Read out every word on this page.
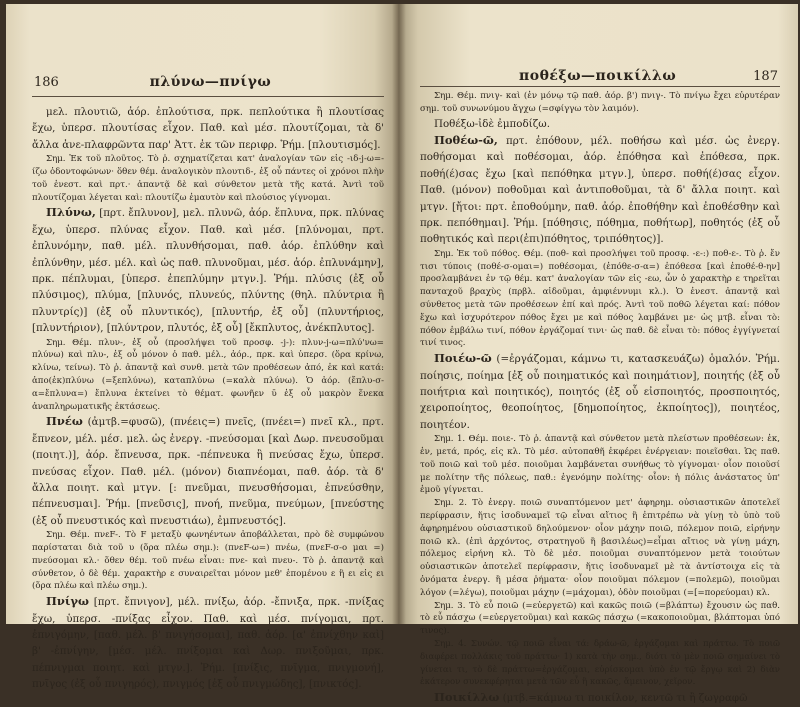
186	πλύνω—πνίγω

μελ. πλουτιῶ, ἀόρ. ἐπλούτισα, πρκ. πεπλούτικα ἢ πλουτίσας ἔχω, ὑπερσ. πλουτίσας εἶχον. Παθ. καὶ μέσ. πλουτίζομαι, τὰ δ' ἄλλα ἀνε-πλαφρῶντα παρ' Ἀττ. ἐκ τῶν περιφρ. Ῥήμ. [πλουτισμός].

Σημ. Ἐκ τοῦ πλοῦτος. Τὸ ῥ. σχηματίζεται κατ' ἀναλογίαν τῶν εἰς -ιδ-j-ω=-ίζω ὀδοντοφώνων· ὅθεν θέμ. ἀναλογικὸν πλουτιδ-, ἐξ οὗ πάντες οἱ χρόνοι πλὴν τοῦ ἐνεστ. καὶ πρτ.· ἀπαντᾷ δὲ καὶ σύνθετον μετὰ τῆς κατά. Ἀντὶ τοῦ πλουτίζομαι λέγεται καὶ: πλουτίζω ἐμαυτὸν καὶ πλούσιος γίγνομαι.

Πλύνω, [πρτ. ἔπλυνον], μελ. πλυνῶ, ἀόρ. ἔπλυνα, πρκ. πλύνας ἔχω, ὑπερσ. πλύνας εἶχον. Παθ. καὶ μέσ. [πλύνομαι, πρτ. ἐπλυνόμην, παθ. μέλ. πλυνθήσομαι, παθ. ἀόρ. ἐπλύθην καὶ ἐπλύνθην, μέσ. μέλ. καὶ ὡς παθ. πλυνοῦμαι, μέσ. ἀόρ. ἐπλυνάμην], πρκ. πέπλυμαι, [ὑπερσ. ἐπεπλύμην μτγν.]. Ῥήμ. πλύσις (ἐξ οὗ πλύσιμος), πλύμα, [πλυνός, πλυνεύς, πλύντης (θηλ. πλύντρια ἢ πλυντρίς)] (ἐξ οὗ πλυντικός), [πλυντήρ, ἐξ οὗ] (πλυντήριος, [πλυντήριον), [πλύντρον, πλυτός, ἐξ οὗ] [ἔκπλυτος, ἀνέκπλυτος].

Σημ. Θέμ. πλυν-, ἐξ οὗ (προσλήψει τοῦ προσφ. -j-): πλυν-j-ω=πλύ'νω= πλύνω) καὶ πλυ-, ἐξ οὗ μόνον ὁ παθ. μέλ., ἀόρ., πρκ. καὶ ὑπερσ. (ὅρα κρίνω, κλίνω, τείνω). Τὸ ῥ. ἀπαντᾷ καὶ συνθ. μετὰ τῶν προθέσεων ἀπό, ἐκ καὶ κατά: ἀπο(ἐκ)πλύνω (=ξεπλύνω), καταπλύνω (=καλὰ πλύνω). Ὁ ἀόρ. (ἔπλυ-σ-α=ἔπλυνα=) ἔπλυνα ἐκτείνει τὸ θέματ. φωνῆεν ῡ ἐξ οὗ μακρὸν ἕνεκα ἀναπληρωματικῆς ἐκτάσεως.

Πνέω (ἀμτβ.=φυσῶ), (πνέεις=) πνεῖς, (πνέει=) πνεῖ κλ., πρτ. ἔπνεον, μέλ. μέσ. μελ. ὡς ἐνεργ. -πνεύσομαι [καὶ Δωρ. πνευσοῦμαι (ποιητ.)], ἀόρ. ἔπνευσα, πρκ. -πέπνευκα ἢ πνεύσας ἔχω, ὑπερσ. πνεύσας εἶχον. Παθ. μέλ. (μόνον) διαπνέομαι, παθ. ἀόρ. τὰ δ' ἄλλα ποιητ. καὶ μτγν. [: πνεῦμαι, πνευσθήσομαι, ἐπνεύσθην, πέπνευσμαι]. Ῥήμ. [πνεῦσις], πνοή, πνεῦμα, πνεύμων, [πνεύστης (ἐξ οὗ πνευστικός καὶ πνευστιάω), ἐμπνευστός].

Σημ. Θέμ. πνεF-. Τὸ F μεταξὺ φωνηέντων ἀποβάλλεται, πρὸ δὲ συμφώνου παρίσταται διὰ τοῦ υ (ὅρα πλέω σημ.): (πνεF-ω=) πνέω, (πνεF-σ-ο μαι =) πνεύσομαι κλ.· ὅθεν θέμ. τοῦ πνέω εἶναι: πνε- καὶ πνευ-. Τὸ ῥ. ἀπαντᾷ καὶ σύνθετον, ὁ δὲ θέμ. χαρακτὴρ ε συναιρεῖται μόνον μεθ' ἑπομένου ε ἢ ει εἰς ει (ὅρα πλέω καὶ πλέω σημ.).

Πνίγω [πρτ. ἔπνιγον], μέλ. πνίξω, ἀόρ. -ἔπνιξα, πρκ. -πνίξας ἔχω, ὑπερσ. -πνίξας εἶχον. Παθ. καὶ μέσ. πνίγομαι, πρτ. ἐπνιγόμην, [παθ. μέλ. β' πνιγήσομαι], παθ. ἀόρ. [α' ἐπνίχθην καὶ] β' -ἐπνίγην, [μέσ. μέλ. πνίξομαι καὶ Δωρ. πνιξοῦμαι, πρκ. πέπνιγμαι ποιητ. καὶ μτγν.]. Ῥήμ. [πνίξις, πνῖγμα, πνιγμονή], πνῖγος (ἐξ οὗ πνιγηρός), πνιγμός [ἐξ οὗ πνιγμώδης], [πνικτός].

ποθέξω—ποικίλλω	187

Σημ. Θέμ. πνιγ- καὶ (ἐν μόνῳ τῷ παθ. ἀόρ. β') πνιγ-. Τὸ πνίγω ἔχει εὐρυτέραν σημ. τοῦ συνωνύμου ἄγχω (=σφίγγω τὸν λαιμόν).

Ποθέξω-ἰδὲ ἐμποδίζω.

Ποθέω-ῶ, πρτ. ἐπόθουν, μέλ. ποθήσω καὶ μέσ. ὡς ἐνεργ. ποθήσομαι καὶ ποθέσομαι, ἀόρ. ἐπόθησα καὶ ἐπόθεσα, πρκ. ποθή(έ)σας ἔχω [καὶ πεπόθηκα μτγν.], ὑπερσ. ποθή(έ)σας εἶχον. Παθ. (μόνον) ποθοῦμαι καὶ ἀντιποθοῦμαι, τὰ δ' ἄλλα ποιητ. καὶ μτγν. [ἤτοι: πρτ. ἐποθούμην, παθ. ἀόρ. ἐποθήθην καὶ ἐποθέσθην καὶ πρκ. πεπόθημαι]. Ῥήμ. [πόθησις, πόθημα, ποθήτωρ], ποθητός (ἐξ οὗ ποθητικός καὶ περι(ἐπι)πόθητος, τριπόθητος)].

Σημ. Ἐκ τοῦ πόθος. Θέμ. (ποθ- καὶ προσλήψει τοῦ προσφ. -ε-:) ποθ-ε-. Τὸ ῥ. ἔν τισι τύποις (ποθέ-σ-ομαι=) ποθέσομαι, (ἐπόθε-σ-α=) ἐπόθεσα [καὶ ἐποθέ-θ-ην] προσλαμβάνει ἐν τῷ θέμ. κατ' ἀναλογίαν τῶν εἰς -εω, ὧν ὁ χαρακτὴρ ε τηρεῖται πανταχοῦ βραχὺς (πρβλ. αἰδοῦμαι, ἀμφιέννυμι κλ.). Ὁ ἐνεστ. ἀπαντᾷ καὶ σύνθετος μετὰ τῶν προθέσεων ἐπί καὶ πρός. Ἀντὶ τοῦ ποθῶ λέγεται καί: πόθον ἔχω καὶ ἰσχυρότερον πόθος ἔχει με καὶ πόθος λαμβάνει με· ὡς μτβ. εἶναι τὸ: πόθον ἐμβάλω τινί, πόθον ἐργάζομαί τινι· ὡς παθ. δὲ εἶναι τὸ: πόθος ἐγγίγνεταί τινί τινος.

Ποιέω-ῶ (=ἐργάζομαι, κάμνω τι, κατασκευάζω) ὁμαλόν. Ῥήμ. ποίησις, ποίημα [ἐξ οὗ ποιηματικός καὶ ποιημάτιον], ποιητής (ἐξ οὗ ποιήτρια καὶ ποιητικός), ποιητός (ἐξ οὗ εἰσποιητός, προσποιητός, χειροποίητος, θεοποίητος, [δημοποίητος, ἐκποίητος]), ποιητέος, ποιητέον.

Σημ. 1. Θέμ. ποιε-. Τὸ ῥ. ἀπαντᾷ καὶ σύνθετον μετὰ πλείστων προθέσεων: ἐκ, ἐν, μετά, πρός, εἰς κλ. Τὸ μέσ. αὐτοπαθῆ ἐκφέρει ἐνέργειαν: ποιεῖσθαι. Ὡς παθ. τοῦ ποιῶ καὶ τοῦ μέσ. ποιοῦμαι λαμβάνεται συνήθως τὸ γίγνομαι· οἷον ποιοῦσί με πολίτην τῆς πόλεως, παθ.: ἐγενόμην πολίτης· οἷον: ἡ πόλις ἀνάστατος ὑπ' ἐμοῦ γίγνεται.

Σημ. 2. Τὸ ἐνεργ. ποιῶ συναπτόμενον μετ' ἀφηρημ. οὐσιαστικῶν ἀποτελεῖ περίφρασιν, ἥτις ἰσοδυναμεῖ τῷ εἶναι αἴτιος ἢ ἐπιτρέπω νὰ γίνῃ τὸ ὑπὸ τοῦ ἀφηρημένου οὐσιαστικοῦ δηλούμενον· οἷον μάχην ποιῶ, πόλεμον ποιῶ, εἰρήνην ποιῶ κλ. (ἐπὶ ἀρχόντος, στρατηγοῦ ἢ βασιλέως)=εἶμαι αἴτιος νὰ γίνῃ μάχη, πόλεμος εἰρήνη κλ. Τὸ δὲ μέσ. ποιοῦμαι συναπτόμενον μετὰ τοιούτων οὐσιαστικῶν ἀποτελεῖ περίφρασιν, ἥτις ἰσοδυναμεῖ μὲ τὰ ἀντίστοιχα εἰς τὰ ὀνόματα ἐνεργ. ἢ μέσα ῥήματα· οἷον ποιοῦμαι πόλεμον (=πολεμῶ), ποιοῦμαι λόγον (=λέγω), ποιοῦμαι μάχην (=μάχομαι), ὁδὸν ποιοῦμαι (=[=πορεύομαι) κλ.

Σημ. 3. Τὸ εὖ ποιῶ (=εὐεργετῶ) καὶ κακῶς ποιῶ (=βλάπτω) ἔχουσιν ὡς παθ. τὸ εὖ πάσχω (=εὐεργετοῦμαι) καὶ κακῶς πάσχω (=κακοποιοῦμαι, βλάπτομαι ὑπό τινος).

Σημ. 4. Συνών. τῷ ποιῶ εἶναι τά: δράω-ῶ, ἐργάζομαι καὶ πράττω. Τὸ ποιῶ διαφέρει πολλάκις τοῦ πράττω· 1) κατὰ τὴν σημ., διότι τὸ μὲν ποιῶ σημαίνει τὸ γίνεται τι, τὸ δὲ πράττω=ἐργάζομαι, εὑρίσκομαι ὑπὸ ἐν τῷ ἔργῳ καὶ 2) διὰν ἐκάτερον συνεκφέρηται μετὰ τῶν εὖ ἢ κακῶς, ἄμεινον, χεῖρον.

Ποικίλλω (μτβ.=κάμνω τι ποικίλον, κεντῶ τι ἢ ζωγραφῶ
